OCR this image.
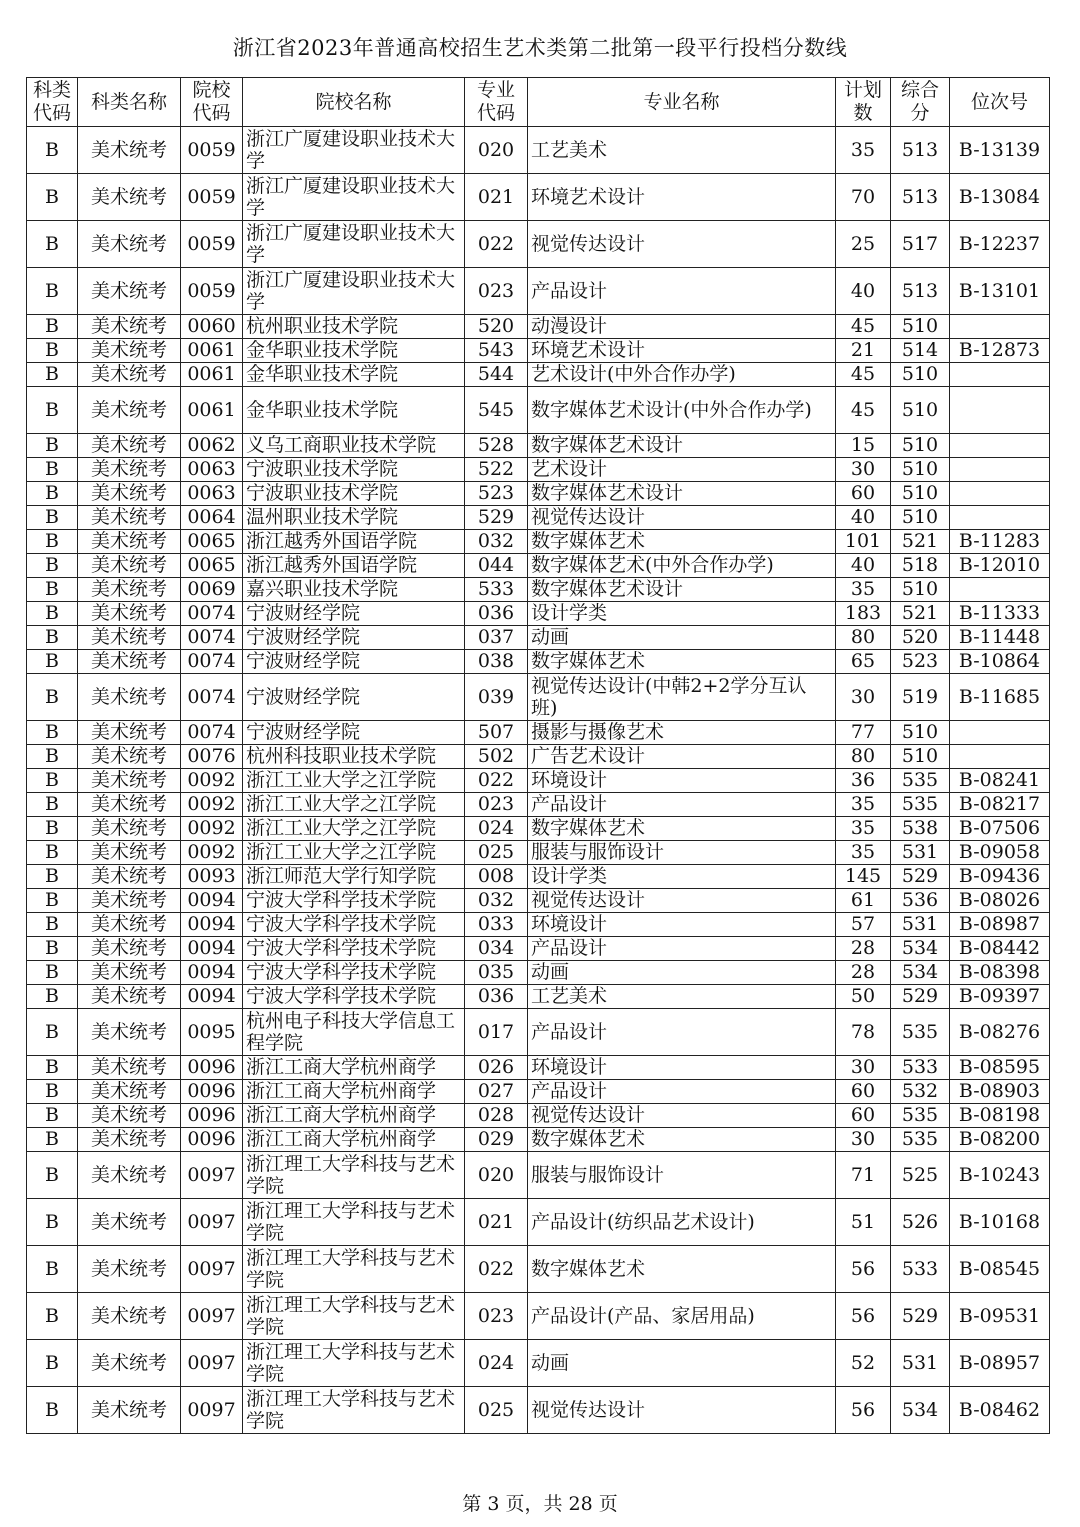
浙江省2023年普通高校招生艺术类第二批第一段平行投档分数线
科类代码	科类名称	院校代码	院校名称	专业代码	专业名称	计划数	综合分	位次号
B	美术统考	0059	浙江广厦建设职业技术大学	020	工艺美术	35	513	B-13139
B	美术统考	0059	浙江广厦建设职业技术大学	021	环境艺术设计	70	513	B-13084
B	美术统考	0059	浙江广厦建设职业技术大学	022	视觉传达设计	25	517	B-12237
B	美术统考	0059	浙江广厦建设职业技术大学	023	产品设计	40	513	B-13101
B	美术统考	0060	杭州职业技术学院	520	动漫设计	45	510	
B	美术统考	0061	金华职业技术学院	543	环境艺术设计	21	514	B-12873
B	美术统考	0061	金华职业技术学院	544	艺术设计(中外合作办学)	45	510	
B	美术统考	0061	金华职业技术学院	545	数字媒体艺术设计(中外合作办学)	45	510	
B	美术统考	0062	义乌工商职业技术学院	528	数字媒体艺术设计	15	510	
B	美术统考	0063	宁波职业技术学院	522	艺术设计	30	510	
B	美术统考	0063	宁波职业技术学院	523	数字媒体艺术设计	60	510	
B	美术统考	0064	温州职业技术学院	529	视觉传达设计	40	510	
B	美术统考	0065	浙江越秀外国语学院	032	数字媒体艺术	101	521	B-11283
B	美术统考	0065	浙江越秀外国语学院	044	数字媒体艺术(中外合作办学)	40	518	B-12010
B	美术统考	0069	嘉兴职业技术学院	533	数字媒体艺术设计	35	510	
B	美术统考	0074	宁波财经学院	036	设计学类	183	521	B-11333
B	美术统考	0074	宁波财经学院	037	动画	80	520	B-11448
B	美术统考	0074	宁波财经学院	038	数字媒体艺术	65	523	B-10864
B	美术统考	0074	宁波财经学院	039	视觉传达设计(中韩2+2学分互认班)	30	519	B-11685
B	美术统考	0074	宁波财经学院	507	摄影与摄像艺术	77	510	
B	美术统考	0076	杭州科技职业技术学院	502	广告艺术设计	80	510	
B	美术统考	0092	浙江工业大学之江学院	022	环境设计	36	535	B-08241
B	美术统考	0092	浙江工业大学之江学院	023	产品设计	35	535	B-08217
B	美术统考	0092	浙江工业大学之江学院	024	数字媒体艺术	35	538	B-07506
B	美术统考	0092	浙江工业大学之江学院	025	服装与服饰设计	35	531	B-09058
B	美术统考	0093	浙江师范大学行知学院	008	设计学类	145	529	B-09436
B	美术统考	0094	宁波大学科学技术学院	032	视觉传达设计	61	536	B-08026
B	美术统考	0094	宁波大学科学技术学院	033	环境设计	57	531	B-08987
B	美术统考	0094	宁波大学科学技术学院	034	产品设计	28	534	B-08442
B	美术统考	0094	宁波大学科学技术学院	035	动画	28	534	B-08398
B	美术统考	0094	宁波大学科学技术学院	036	工艺美术	50	529	B-09397
B	美术统考	0095	杭州电子科技大学信息工程学院	017	产品设计	78	535	B-08276
B	美术统考	0096	浙江工商大学杭州商学	026	环境设计	30	533	B-08595
B	美术统考	0096	浙江工商大学杭州商学	027	产品设计	60	532	B-08903
B	美术统考	0096	浙江工商大学杭州商学	028	视觉传达设计	60	535	B-08198
B	美术统考	0096	浙江工商大学杭州商学	029	数字媒体艺术	30	535	B-08200
B	美术统考	0097	浙江理工大学科技与艺术学院	020	服装与服饰设计	71	525	B-10243
B	美术统考	0097	浙江理工大学科技与艺术学院	021	产品设计(纺织品艺术设计)	51	526	B-10168
B	美术统考	0097	浙江理工大学科技与艺术学院	022	数字媒体艺术	56	533	B-08545
B	美术统考	0097	浙江理工大学科技与艺术学院	023	产品设计(产品、家居用品)	56	529	B-09531
B	美术统考	0097	浙江理工大学科技与艺术学院	024	动画	52	531	B-08957
B	美术统考	0097	浙江理工大学科技与艺术学院	025	视觉传达设计	56	534	B-08462
第 3 页，共 28 页
